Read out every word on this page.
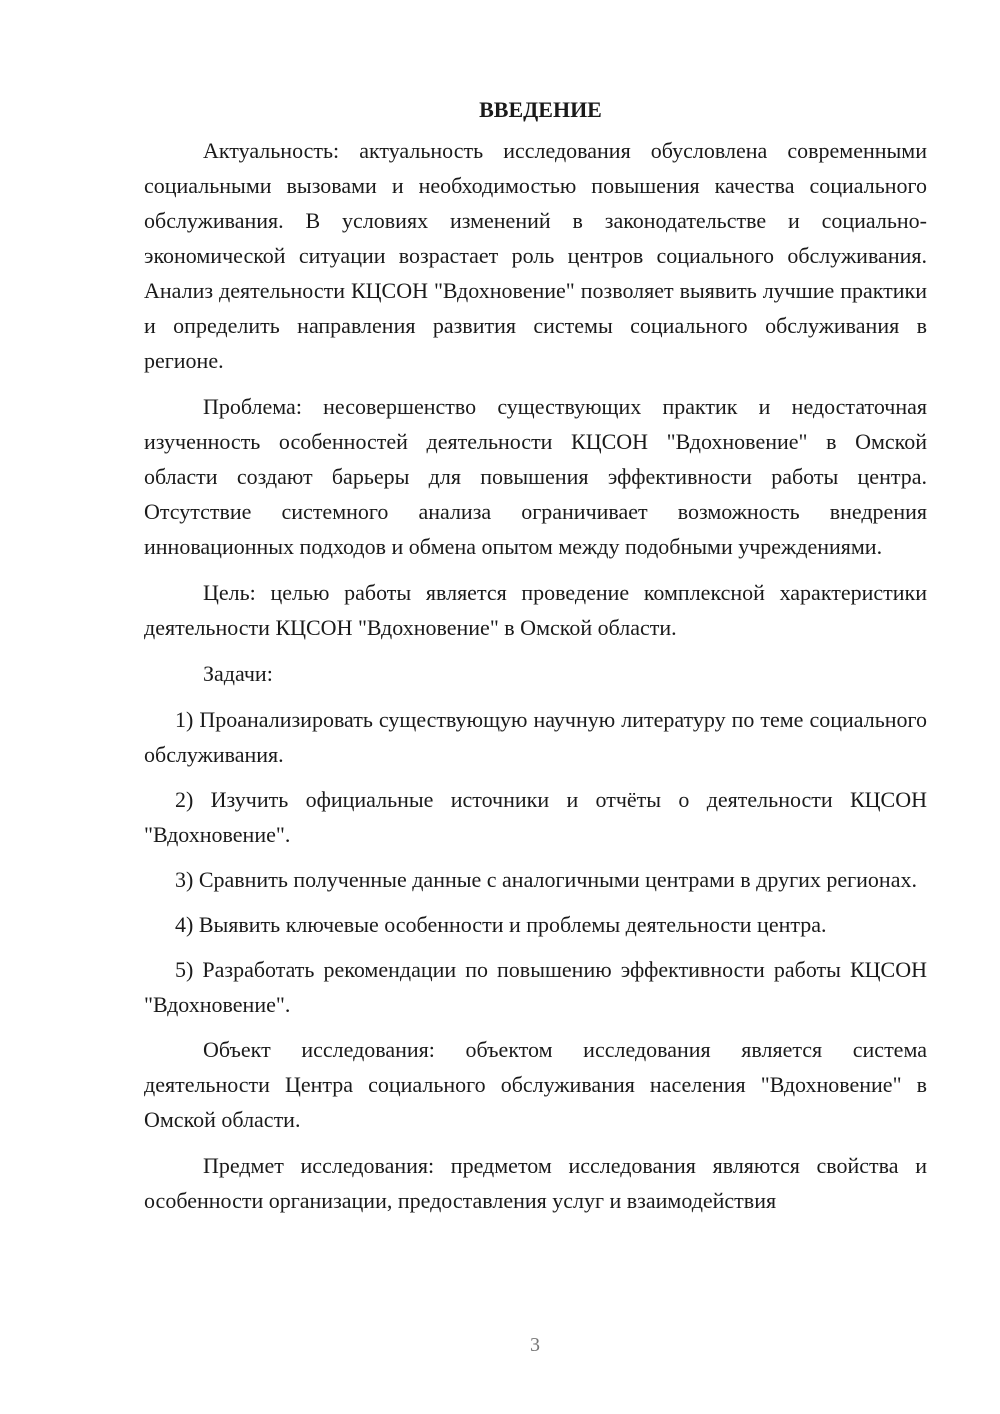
ВВЕДЕНИЕ

Актуальность: актуальность исследования обусловлена современными социальными вызовами и необходимостью повышения качества социального обслуживания. В условиях изменений в законодательстве и социально-экономической ситуации возрастает роль центров социального обслуживания. Анализ деятельности КЦСОН "Вдохновение" позволяет выявить лучшие практики и определить направления развития системы социального обслуживания в регионе.

Проблема: несовершенство существующих практик и недостаточная изученность особенностей деятельности КЦСОН "Вдохновение" в Омской области создают барьеры для повышения эффективности работы центра. Отсутствие системного анализа ограничивает возможность внедрения инновационных подходов и обмена опытом между подобными учреждениями.

Цель: целью работы является проведение комплексной характеристики деятельности КЦСОН "Вдохновение" в Омской области.

Задачи:

1) Проанализировать существующую научную литературу по теме социального обслуживания.

2) Изучить официальные источники и отчёты о деятельности КЦСОН "Вдохновение".

3) Сравнить полученные данные с аналогичными центрами в других регионах.

4) Выявить ключевые особенности и проблемы деятельности центра.

5) Разработать рекомендации по повышению эффективности работы КЦСОН "Вдохновение".

Объект исследования: объектом исследования является система деятельности Центра социального обслуживания населения "Вдохновение" в Омской области.

Предмет исследования: предметом исследования являются свойства и особенности организации, предоставления услуг и взаимодействия

3
